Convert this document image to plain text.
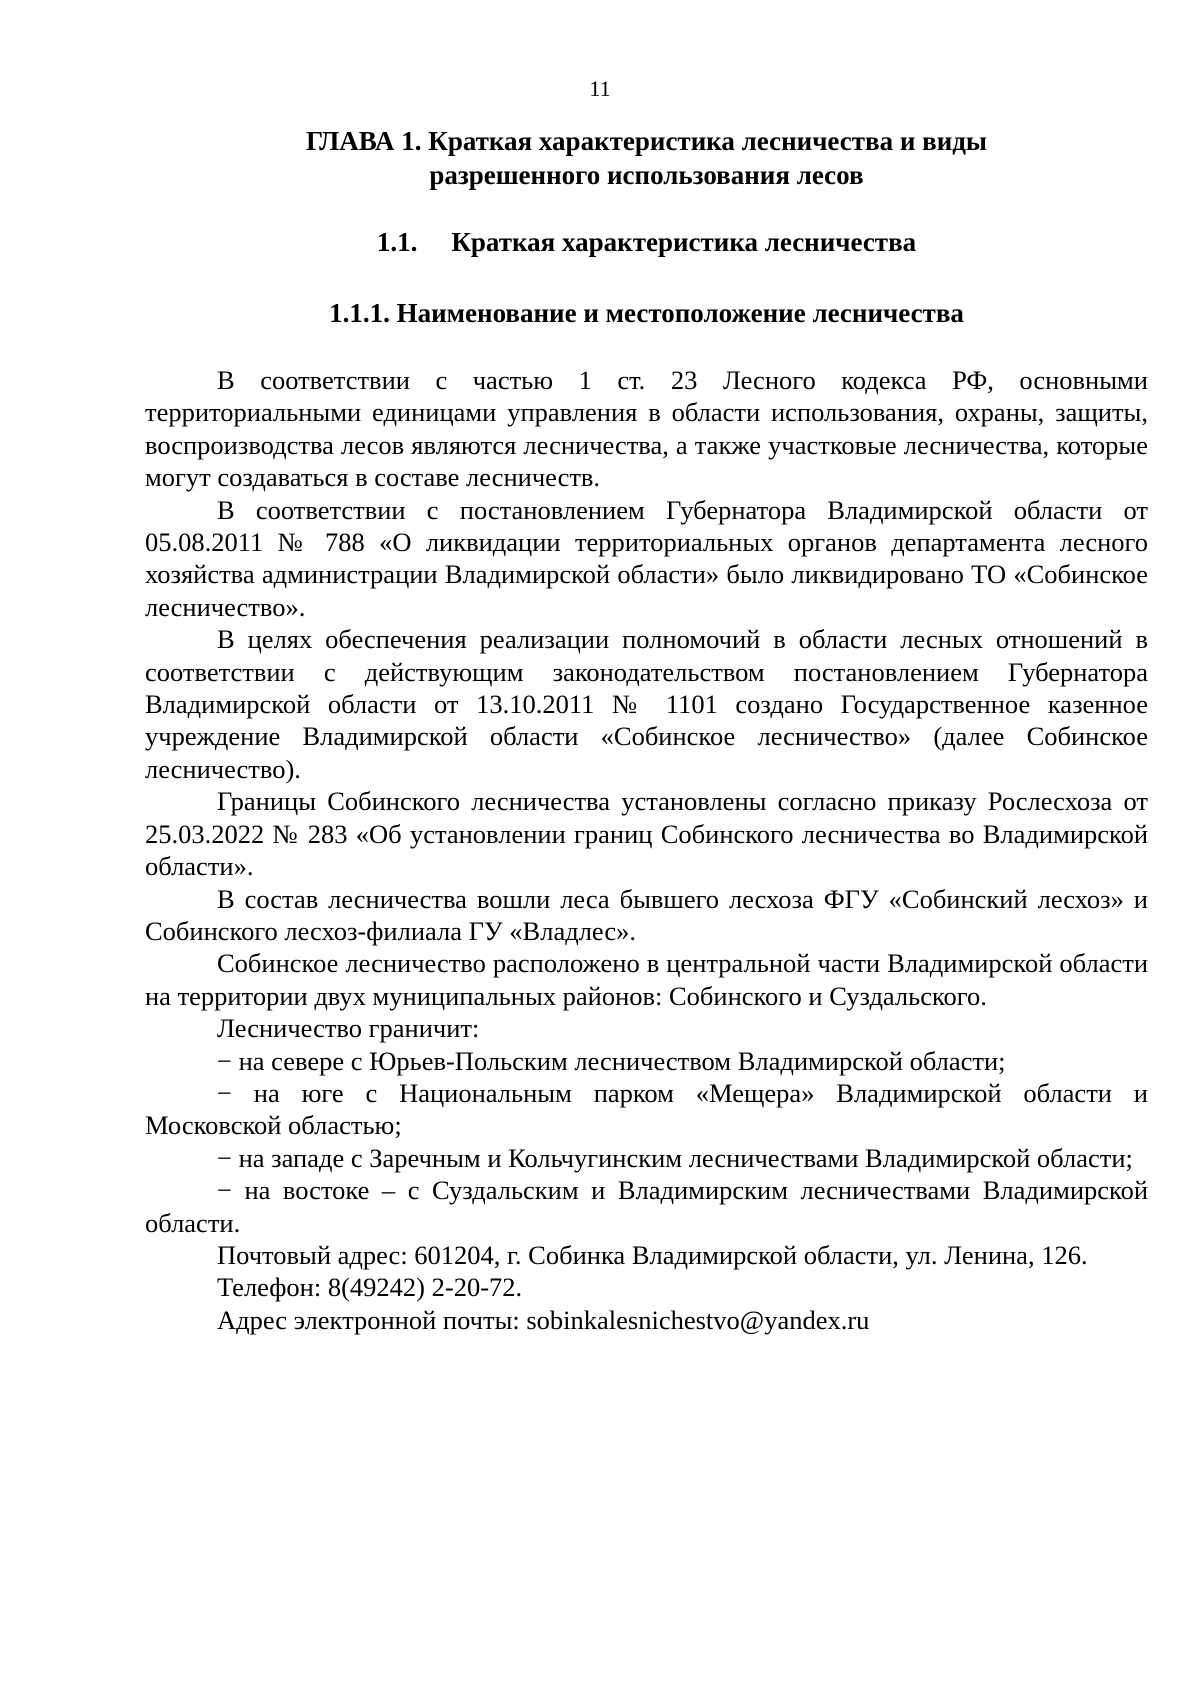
11
ГЛАВА 1. Краткая характеристика лесничества и виды
разрешенного использования лесов
1.1. Краткая характеристика лесничества
1.1.1. Наименование и местоположение лесничества

В соответствии с частью 1 ст. 23 Лесного кодекса РФ, основными территориальными единицами управления в области использования, охраны, защиты, воспроизводства лесов являются лесничества, а также участковые лесничества, которые могут создаваться в составе лесничеств.

В соответствии с постановлением Губернатора Владимирской области от 05.08.2011 № 788 «О ликвидации территориальных органов департамента лесного хозяйства администрации Владимирской области» было ликвидировано ТО «Собинское лесничество».

В целях обеспечения реализации полномочий в области лесных отношений в соответствии с действующим законодательством постановлением Губернатора Владимирской области от 13.10.2011 № 1101 создано Государственное казенное учреждение Владимирской области «Собинское лесничество» (далее Собинское лесничество).

Границы Собинского лесничества установлены согласно приказу Рослесхоза от 25.03.2022 № 283 «Об установлении границ Собинского лесничества во Владимирской области».

В состав лесничества вошли леса бывшего лесхоза ФГУ «Собинский лесхоз» и Собинского лесхоз-филиала ГУ «Владлес».

Собинское лесничество расположено в центральной части Владимирской области на территории двух муниципальных районов: Собинского и Суздальского.

Лесничество граничит:

− на севере с Юрьев-Польским лесничеством Владимирской области;

− на юге с Национальным парком «Мещера» Владимирской области и Московской областью;

− на западе с Заречным и Кольчугинским лесничествами Владимирской области;

− на востоке – с Суздальским и Владимирским лесничествами Владимирской области.

Почтовый адрес: 601204, г. Собинка Владимирской области, ул. Ленина, 126.

Телефон: 8(49242) 2-20-72.

Адрес электронной почты: sobinkalesnichestvo@yandex.ru
